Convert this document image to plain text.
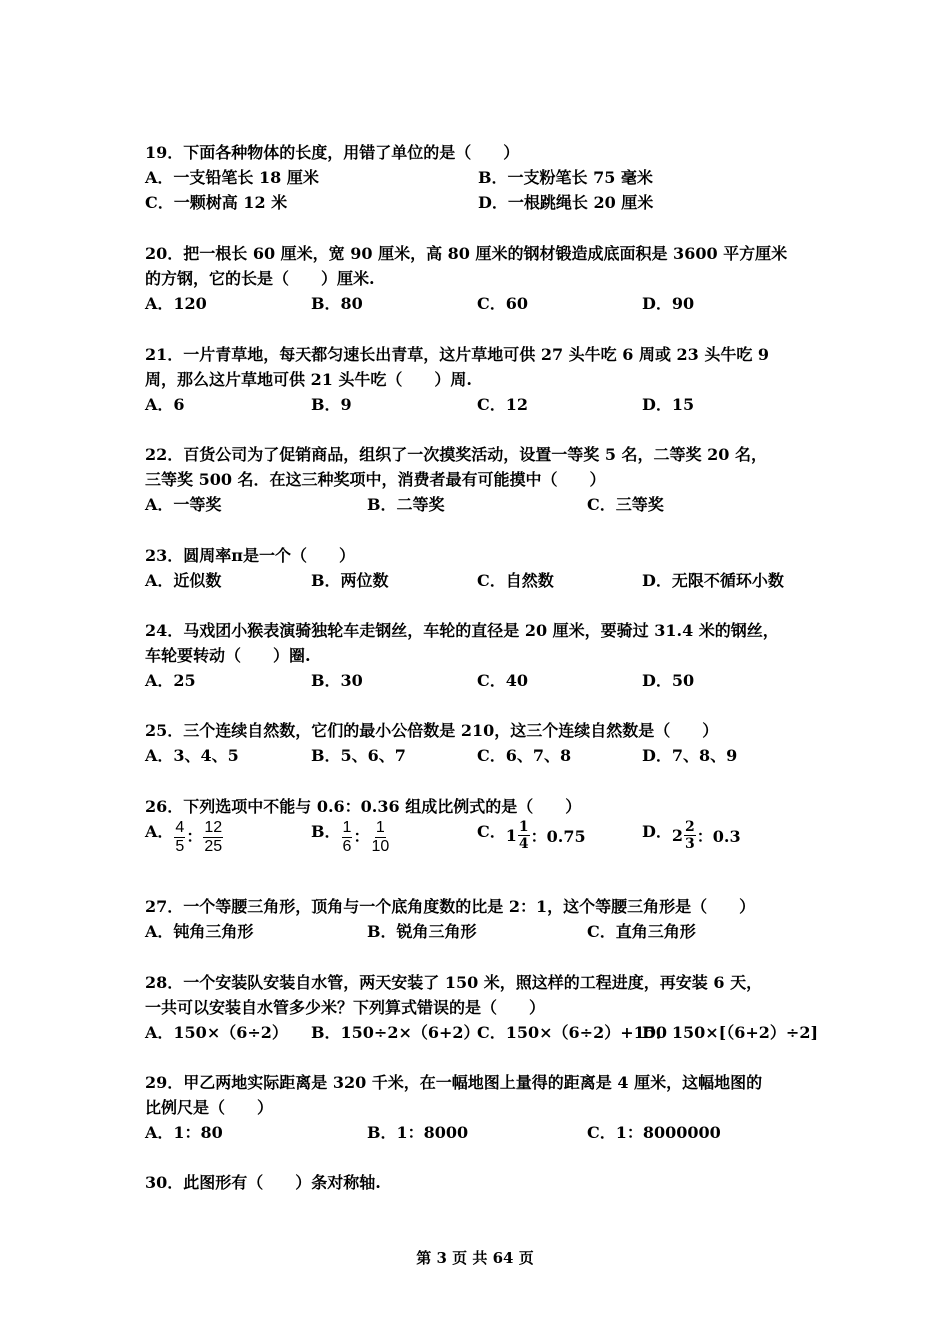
19．下面各种物体的长度，用错了单位的是（　　）

A．一支铅笔长 18 厘米	B．一支粉笔长 75 毫米
C．一颗树高 12 米	D．一根跳绳长 20 厘米

20．把一根长 60 厘米，宽 90 厘米，高 80 厘米的钢材锻造成底面积是 3600 平方厘米

的方钢，它的长是（　　）厘米.

A．120	B．80	C．60	D．90

21．一片青草地，每天都匀速长出青草，这片草地可供 27 头牛吃 6 周或 23 头牛吃 9

周，那么这片草地可供 21 头牛吃（　　）周.

A．6	B．9	C．12	D．15

22．百货公司为了促销商品，组织了一次摸奖活动，设置一等奖 5 名，二等奖 20 名，

三等奖 500 名．在这三种奖项中，消费者最有可能摸中（　　）

A．一等奖	B．二等奖	C．三等奖

23．圆周率π是一个（　　）

A．近似数	B．两位数	C．自然数	D．无限不循环小数

24．马戏团小猴表演骑独轮车走钢丝，车轮的直径是 20 厘米，要骑过 31.4 米的钢丝，

车轮要转动（　　）圈.

A．25	B．30	C．40	D．50

25．三个连续自然数，它们的最小公倍数是 210，这三个连续自然数是（　　）

A．3、4、5	B．5、6、7	C．6、7、8	D．7、8、9

26．下列选项中不能与 0.6：0.36 组成比例式的是（　　）

A． $\frac{4}{5}$ ： $\frac{12}{25}$	B． $\frac{1}{6}$ ： $\frac{1}{10}$	C．$1 \frac{1}{4}$ ：0.75	D．$2 \frac{2}{3}$ ：0.3

27．一个等腰三角形，顶角与一个底角度数的比是 2：1，这个等腰三角形是（　　）

A．钝角三角形	B．锐角三角形	C．直角三角形

28．一个安装队安装自水管，两天安装了 150 米，照这样的工程进度，再安装 6 天，

一共可以安装自水管多少米？下列算式错误的是（　　）

A．150×（6÷2） B．150÷2×（6+2）
C．150×（6÷2）+150
D．150×[（6+2）÷2]

29．甲乙两地实际距离是 320 千米，在一幅地图上量得的距离是 4 厘米，这幅地图的

比例尺是（　　）

A．1：80	B．1：8000	C．1：8000000

30．此图形有（　　）条对称轴.

第 3 页 共 64 页
